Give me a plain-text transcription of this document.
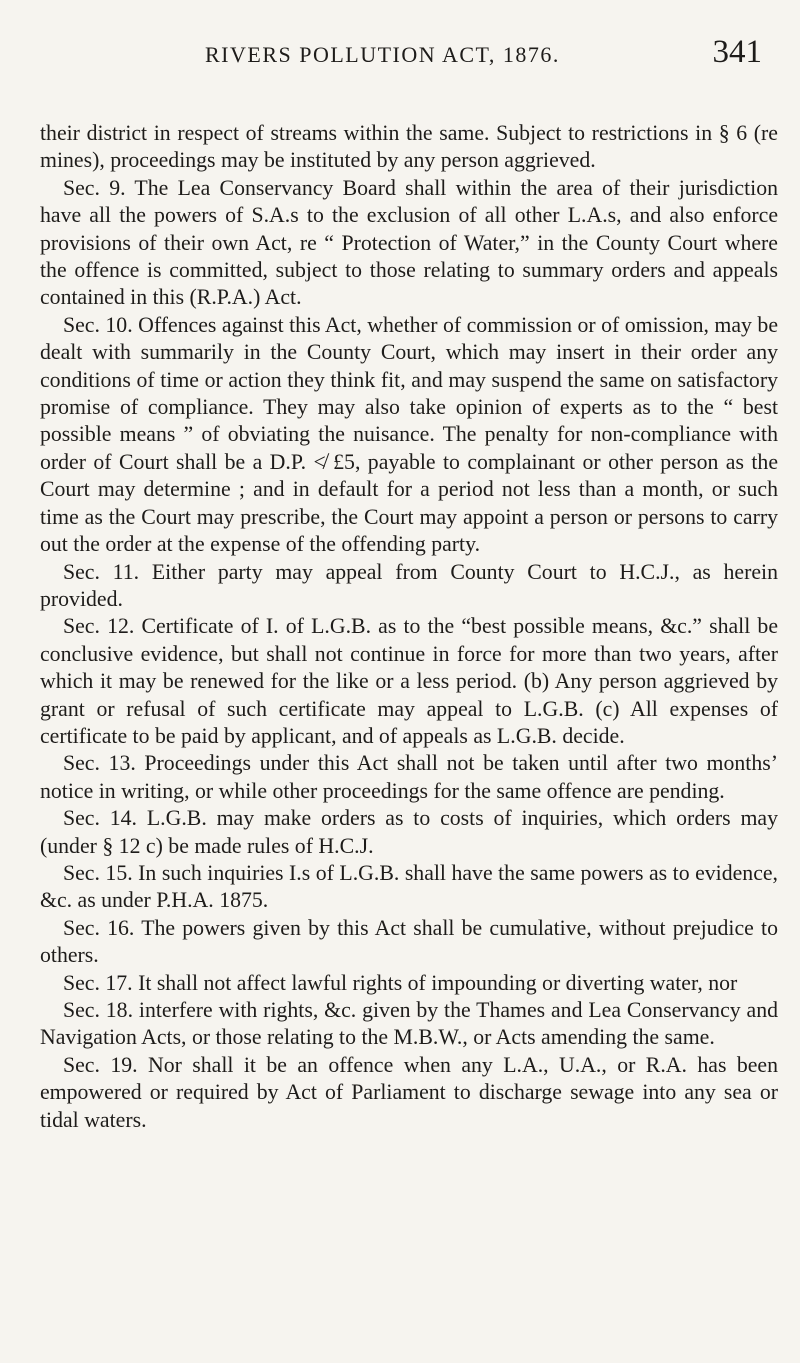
RIVERS POLLUTION ACT, 1876.	341

their district in respect of streams within the same. Subject to restrictions in § 6 (re mines), proceedings may be instituted by any person aggrieved.

Sec. 9. The Lea Conservancy Board shall within the area of their jurisdiction have all the powers of S.A.s to the exclusion of all other L.A.s, and also enforce provisions of their own Act, re “ Protection of Water,” in the County Court where the offence is committed, subject to those relating to summary orders and appeals contained in this (R.P.A.) Act.

Sec. 10. Offences against this Act, whether of commission or of omission, may be dealt with summarily in the County Court, which may insert in their order any conditions of time or action they think fit, and may suspend the same on satisfactory promise of compliance. They may also take opinion of experts as to the “ best possible means ” of obviating the nuisance. The penalty for non-compliance with order of Court shall be a D.P. ≮ £5, payable to complainant or other person as the Court may determine ; and in default for a period not less than a month, or such time as the Court may prescribe, the Court may appoint a person or persons to carry out the order at the expense of the offending party.

Sec. 11. Either party may appeal from County Court to H.C.J., as herein provided.

Sec. 12. Certificate of I. of L.G.B. as to the “best possible means, &c.” shall be conclusive evidence, but shall not continue in force for more than two years, after which it may be renewed for the like or a less period. (b) Any person aggrieved by grant or refusal of such certificate may appeal to L.G.B. (c) All expenses of certificate to be paid by applicant, and of appeals as L.G.B. decide.

Sec. 13. Proceedings under this Act shall not be taken until after two months’ notice in writing, or while other proceedings for the same offence are pending.

Sec. 14. L.G.B. may make orders as to costs of inquiries, which orders may (under § 12 c) be made rules of H.C.J.

Sec. 15. In such inquiries I.s of L.G.B. shall have the same powers as to evidence, &c. as under P.H.A. 1875.

Sec. 16. The powers given by this Act shall be cumulative, without prejudice to others.

Sec. 17. It shall not affect lawful rights of impounding or diverting water, nor

Sec. 18. interfere with rights, &c. given by the Thames and Lea Conservancy and Navigation Acts, or those relating to the M.B.W., or Acts amending the same.

Sec. 19. Nor shall it be an offence when any L.A., U.A., or R.A. has been empowered or required by Act of Parliament to discharge sewage into any sea or tidal waters.
